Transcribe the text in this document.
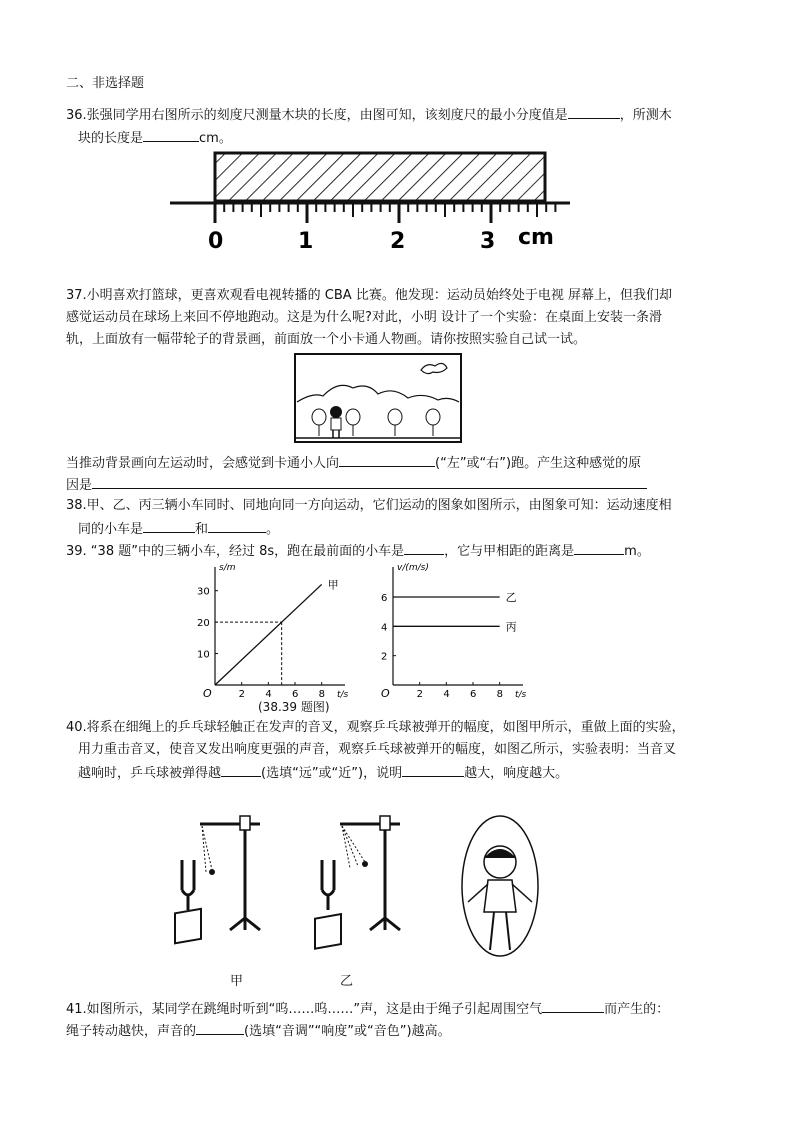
二、非选择题
36.张强同学用右图所示的刻度尺测量木块的长度，由图可知，该刻度尺的最小分度值是	，所测木
块的长度是	cm。
0	1	2	3 cm
37.小明喜欢打篮球，更喜欢观看电视转播的 CBA 比赛。他发现：运动员始终处于电视 屏幕上，但我们却
感觉运动员在球场上来回不停地跑动。这是为什么呢?对此，小明 设计了一个实验：在桌面上安装一条滑
轨，上面放有一幅带轮子的背景画，前面放一个小卡通人物画。请你按照实验自己试一试。
当推动背景画向左运动时，会感觉到卡通小人向	(“左”或“右”)跑。产生这种感觉的原
因是
38.甲、乙、丙三辆小车同时、同地向同一方向运动，它们运动的图象如图所示，由图象可知：运动速度相
同的小车是	和	。
39. “38 题”中的三辆小车，经过 8s，跑在最前面的小车是	，它与甲相距的距离是	m。
s/m
t/s
O	2 4 6 8
10
20
30
甲
v/(m/s)
t/s
O	2 4 6 8
2
4
6	乙
丙
(38.39 题图)
40.将系在细绳上的乒乓球轻触正在发声的音叉，观察乒乓球被弹开的幅度，如图甲所示，重做上面的实验，
用力重击音叉，使音叉发出响度更强的声音，观察乒乓球被弹开的幅度，如图乙所示，实验表明：当音叉
越响时，乒乓球被弹得越	(选填“远”或“近”)，说明	越大，响度越大。
甲	乙
41.如图所示，某同学在跳绳时听到“呜……呜……”声，这是由于绳子引起周围空气	而产生的：
绳子转动越快，声音的	(选填“音调”“响度”或“音色”)越高。
